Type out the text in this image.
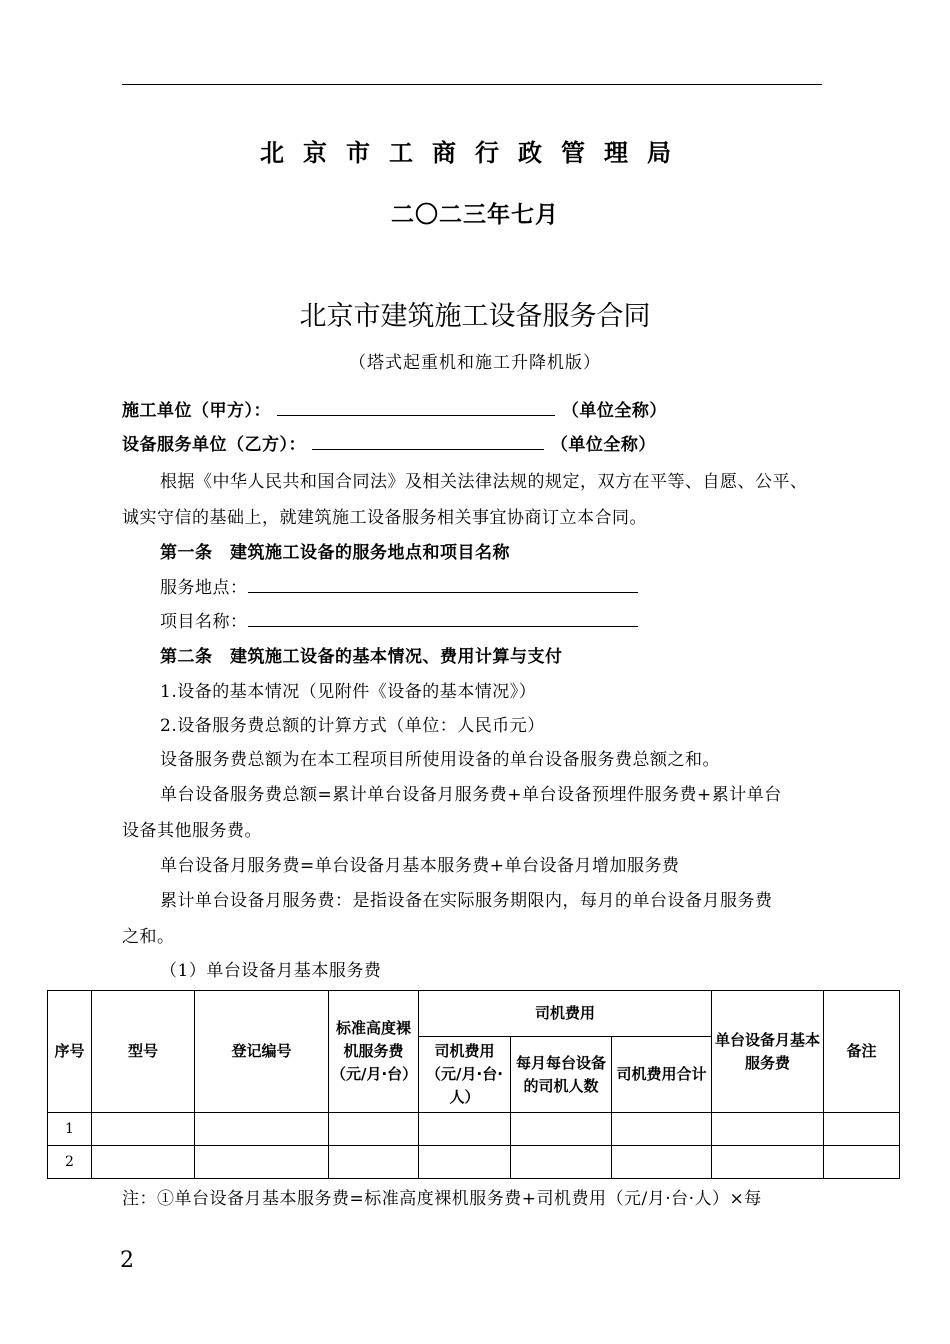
北京市工商行政管理局
二〇二三年七月
北京市建筑施工设备服务合同
（塔式起重机和施工升降机版）
施工单位（甲方）：	（单位全称）
设备服务单位（乙方）：	（单位全称）
根据《中华人民共和国合同法》及相关法律法规的规定，双方在平等、自愿、公平、
诚实守信的基础上，就建筑施工设备服务相关事宜协商订立本合同。
第一条　建筑施工设备的服务地点和项目名称
服务地点：
项目名称：
第二条　建筑施工设备的基本情况、费用计算与支付
1.设备的基本情况（见附件《设备的基本情况》）
2.设备服务费总额的计算方式（单位：人民币元）
设备服务费总额为在本工程项目所使用设备的单台设备服务费总额之和。
单台设备服务费总额=累计单台设备月服务费+单台设备预埋件服务费+累计单台
设备其他服务费。
单台设备月服务费=单台设备月基本服务费+单台设备月增加服务费
累计单台设备月服务费：是指设备在实际服务期限内，每月的单台设备月服务费
之和。
（1）单台设备月基本服务费
序号	型号	登记编号	标准高度裸机服务费（元/月·台）	司机费用			单台设备月基本服务费	备注
				司机费用（元/月·台·人）	每月每台设备的司机人数	司机费用合计		
1								
2								
注：①单台设备月基本服务费=标准高度裸机服务费+司机费用（元/月·台·人）×每
2
